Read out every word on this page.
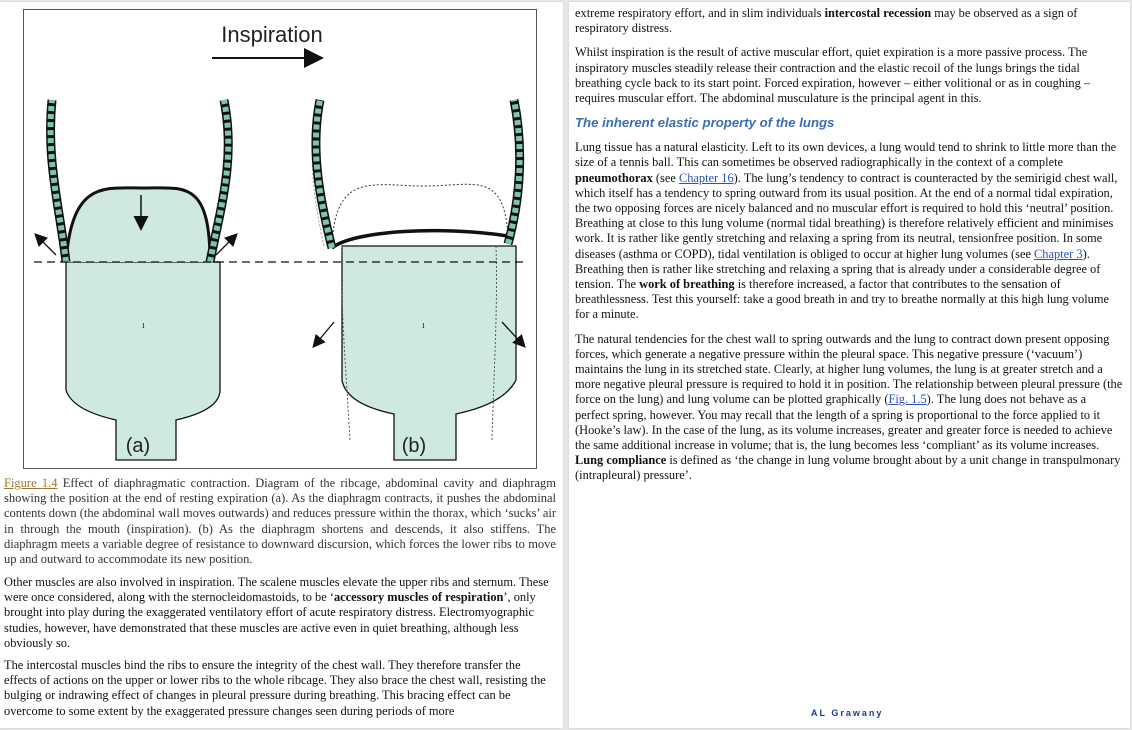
Inspiration
ı
(a)
ı
(b)
Figure 1.4 Effect of diaphragmatic contraction. Diagram of the ribcage, abdominal cavity and diaphragm showing the position at the end of resting expiration (a). As the diaphragm contracts, it pushes the abdominal contents down (the abdominal wall moves outwards) and reduces pressure within the thorax, which ‘sucks’ air in through the mouth (inspiration). (b) As the diaphragm shortens and descends, it also stiffens. The diaphragm meets a variable degree of resistance to downward discursion, which forces the lower ribs to move up and outward to accommodate its new position.

Other muscles are also involved in inspiration. The scalene muscles elevate the upper ribs and sternum. These were once considered, along with the sternocleidomastoids, to be ‘accessory muscles of respiration’, only brought into play during the exaggerated ventilatory effort of acute respiratory distress. Electromyographic studies, however, have demonstrated that these muscles are active even in quiet breathing, although less obviously so.

The intercostal muscles bind the ribs to ensure the integrity of the chest wall. They therefore transfer the effects of actions on the upper or lower ribs to the whole ribcage. They also brace the chest wall, resisting the bulging or indrawing effect of changes in pleural pressure during breathing. This bracing effect can be overcome to some extent by the exaggerated pressure changes seen during periods of more

extreme respiratory effort, and in slim individuals intercostal recession may be observed as a sign of respiratory distress.

Whilst inspiration is the result of active muscular effort, quiet expiration is a more passive process. The inspiratory muscles steadily release their contraction and the elastic recoil of the lungs brings the tidal breathing cycle back to its start point. Forced expiration, however – either volitional or as in coughing – requires muscular effort. The abdominal musculature is the principal agent in this.

The inherent elastic property of the lungs

Lung tissue has a natural elasticity. Left to its own devices, a lung would tend to shrink to little more than the size of a tennis ball. This can sometimes be observed radiographically in the context of a complete pneumothorax (see Chapter 16). The lung’s tendency to contract is counteracted by the semirigid chest wall, which itself has a tendency to spring outward from its usual position. At the end of a normal tidal expiration, the two opposing forces are nicely balanced and no muscular effort is required to hold this ‘neutral’ position. Breathing at close to this lung volume (normal tidal breathing) is therefore relatively efficient and minimises work. It is rather like gently stretching and relaxing a spring from its neutral, tensionfree position. In some diseases (asthma or COPD), tidal ventilation is obliged to occur at higher lung volumes (see Chapter 3). Breathing then is rather like stretching and relaxing a spring that is already under a considerable degree of tension. The work of breathing is therefore increased, a factor that contributes to the sensation of breathlessness. Test this yourself: take a good breath in and try to breathe normally at this high lung volume for a minute.

The natural tendencies for the chest wall to spring outwards and the lung to contract down present opposing forces, which generate a negative pressure within the pleural space. This negative pressure (‘vacuum’) maintains the lung in its stretched state. Clearly, at higher lung volumes, the lung is at greater stretch and a more negative pleural pressure is required to hold it in position. The relationship between pleural pressure (the force on the lung) and lung volume can be plotted graphically (Fig. 1.5). The lung does not behave as a perfect spring, however. You may recall that the length of a spring is proportional to the force applied to it (Hooke’s law). In the case of the lung, as its volume increases, greater and greater force is needed to achieve the same additional increase in volume; that is, the lung becomes less ‘compliant’ as its volume increases. Lung compliance is defined as ‘the change in lung volume brought about by a unit change in transpulmonary (intrapleural) pressure’.

AL Grawany
